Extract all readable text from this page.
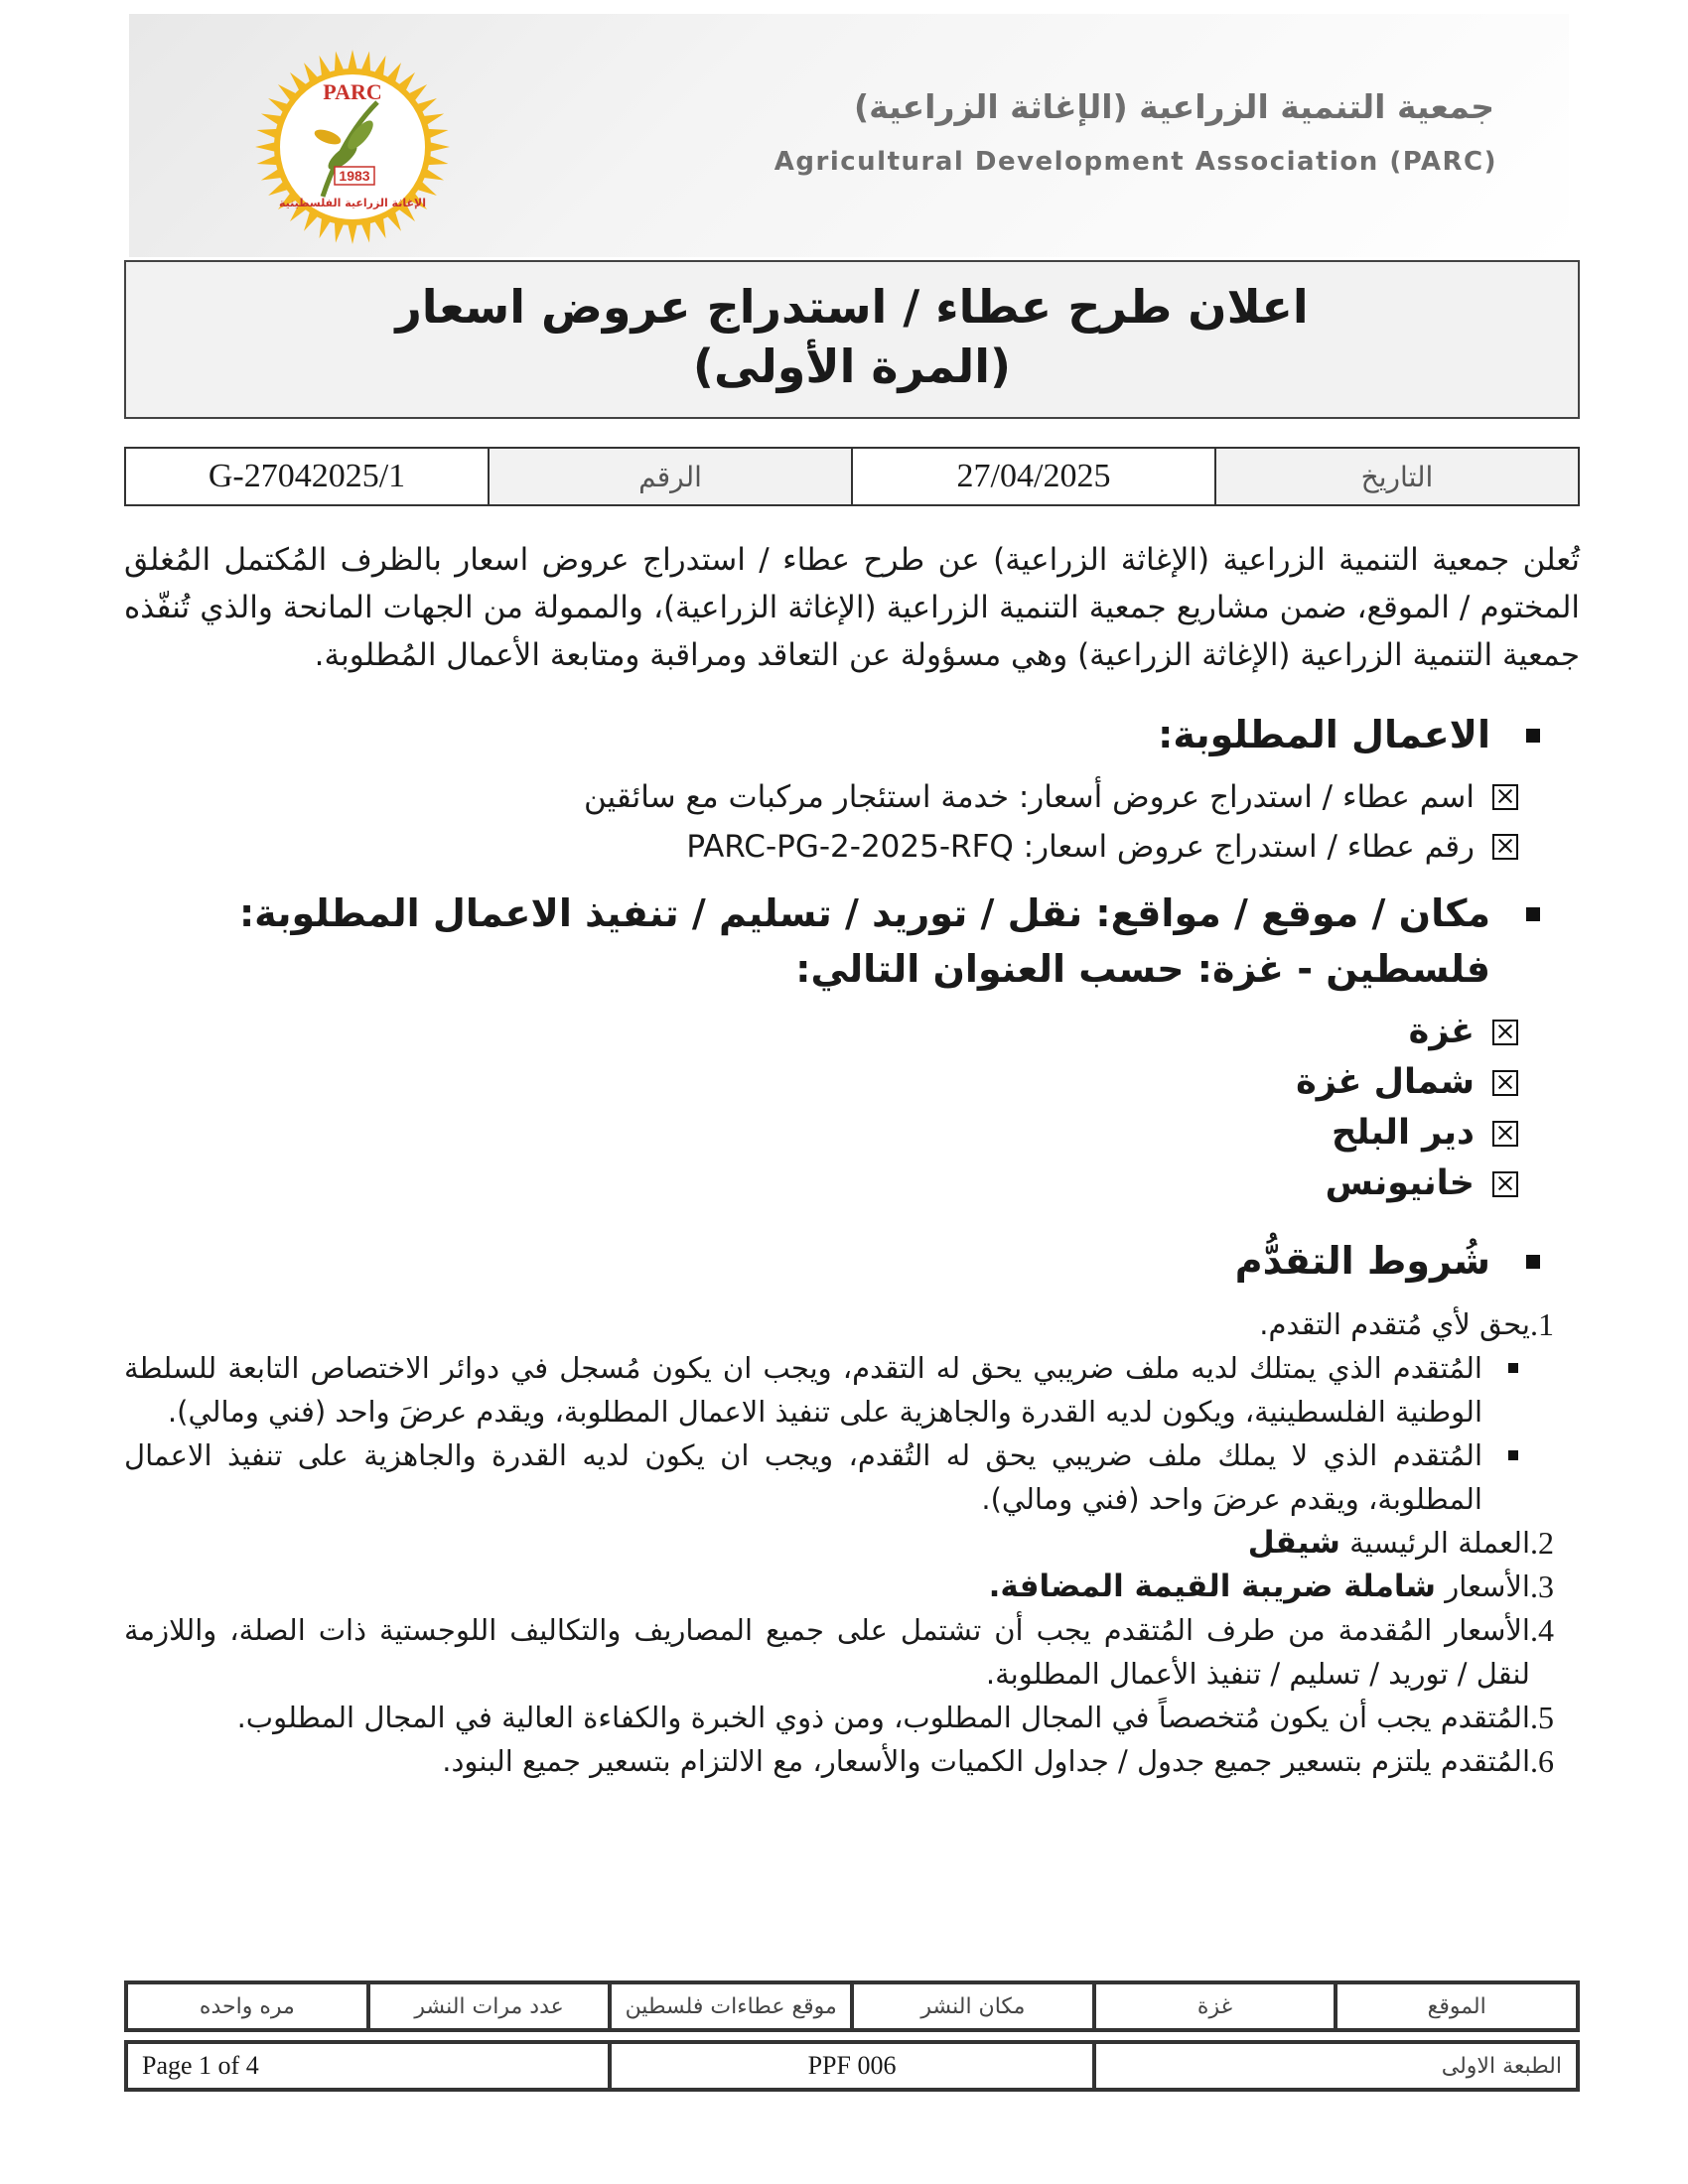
PARC
1983
الإغاثة الزراعية الفلسطينية
جمعية التنمية الزراعية (الإغاثة الزراعية)
Agricultural Development Association (PARC)
اعلان طرح عطاء / استدراج عروض اسعار
(المرة الأولى)
التاريخ	27/04/2025	الرقم	G-27042025/1

تُعلن جمعية التنمية الزراعية (الإغاثة الزراعية) عن طرح عطاء / استدراج عروض اسعار بالظرف المُكتمل المُغلق المختوم / الموقع، ضمن مشاريع جمعية التنمية الزراعية (الإغاثة الزراعية)، والممولة من الجهات المانحة والذي تُنفّذه جمعية التنمية الزراعية (الإغاثة الزراعية) وهي مسؤولة عن التعاقد ومراقبة ومتابعة الأعمال المُطلوبة.

الاعمال المطلوبة:
اسم عطاء / استدراج عروض أسعار: خدمة استئجار مركبات مع سائقين
رقم عطاء / استدراج عروض اسعار: PARC-PG-2-2025-RFQ
مكان / موقع / مواقع: نقل / توريد / تسليم / تنفيذ الاعمال المطلوبة: فلسطين - غزة: حسب العنوان التالي:
غزة
شمال غزة
دير البلح
خانيونس
شُروط التقدُّم
1.
يحق لأي مُتقدم التقدم.
المُتقدم الذي يمتلك لديه ملف ضريبي يحق له التقدم، ويجب ان يكون مُسجل في دوائر الاختصاص التابعة للسلطة الوطنية الفلسطينية، ويكون لديه القدرة والجاهزية على تنفيذ الاعمال المطلوبة، ويقدم عرضَ واحد (فني ومالي).
المُتقدم الذي لا يملك ملف ضريبي يحق له التُقدم، ويجب ان يكون لديه القدرة والجاهزية على تنفيذ الاعمال المطلوبة، ويقدم عرضَ واحد (فني ومالي).
2.
العملة الرئيسية شيقل
3.
الأسعار شاملة ضريبة القيمة المضافة.
4.
الأسعار المُقدمة من طرف المُتقدم يجب أن تشتمل على جميع المصاريف والتكاليف اللوجستية ذات الصلة، واللازمة لنقل / توريد / تسليم / تنفيذ الأعمال المطلوبة.
5.
المُتقدم يجب أن يكون مُتخصصاً في المجال المطلوب، ومن ذوي الخبرة والكفاءة العالية في المجال المطلوب.
6.
المُتقدم يلتزم بتسعير جميع جدول / جداول الكميات والأسعار، مع الالتزام بتسعير جميع البنود.
الموقع	غزة	مكان النشر	موقع عطاءات فلسطين	عدد مرات النشر	مره واحده
الطبعة الاولى	PPF 006	Page 1 of 4
